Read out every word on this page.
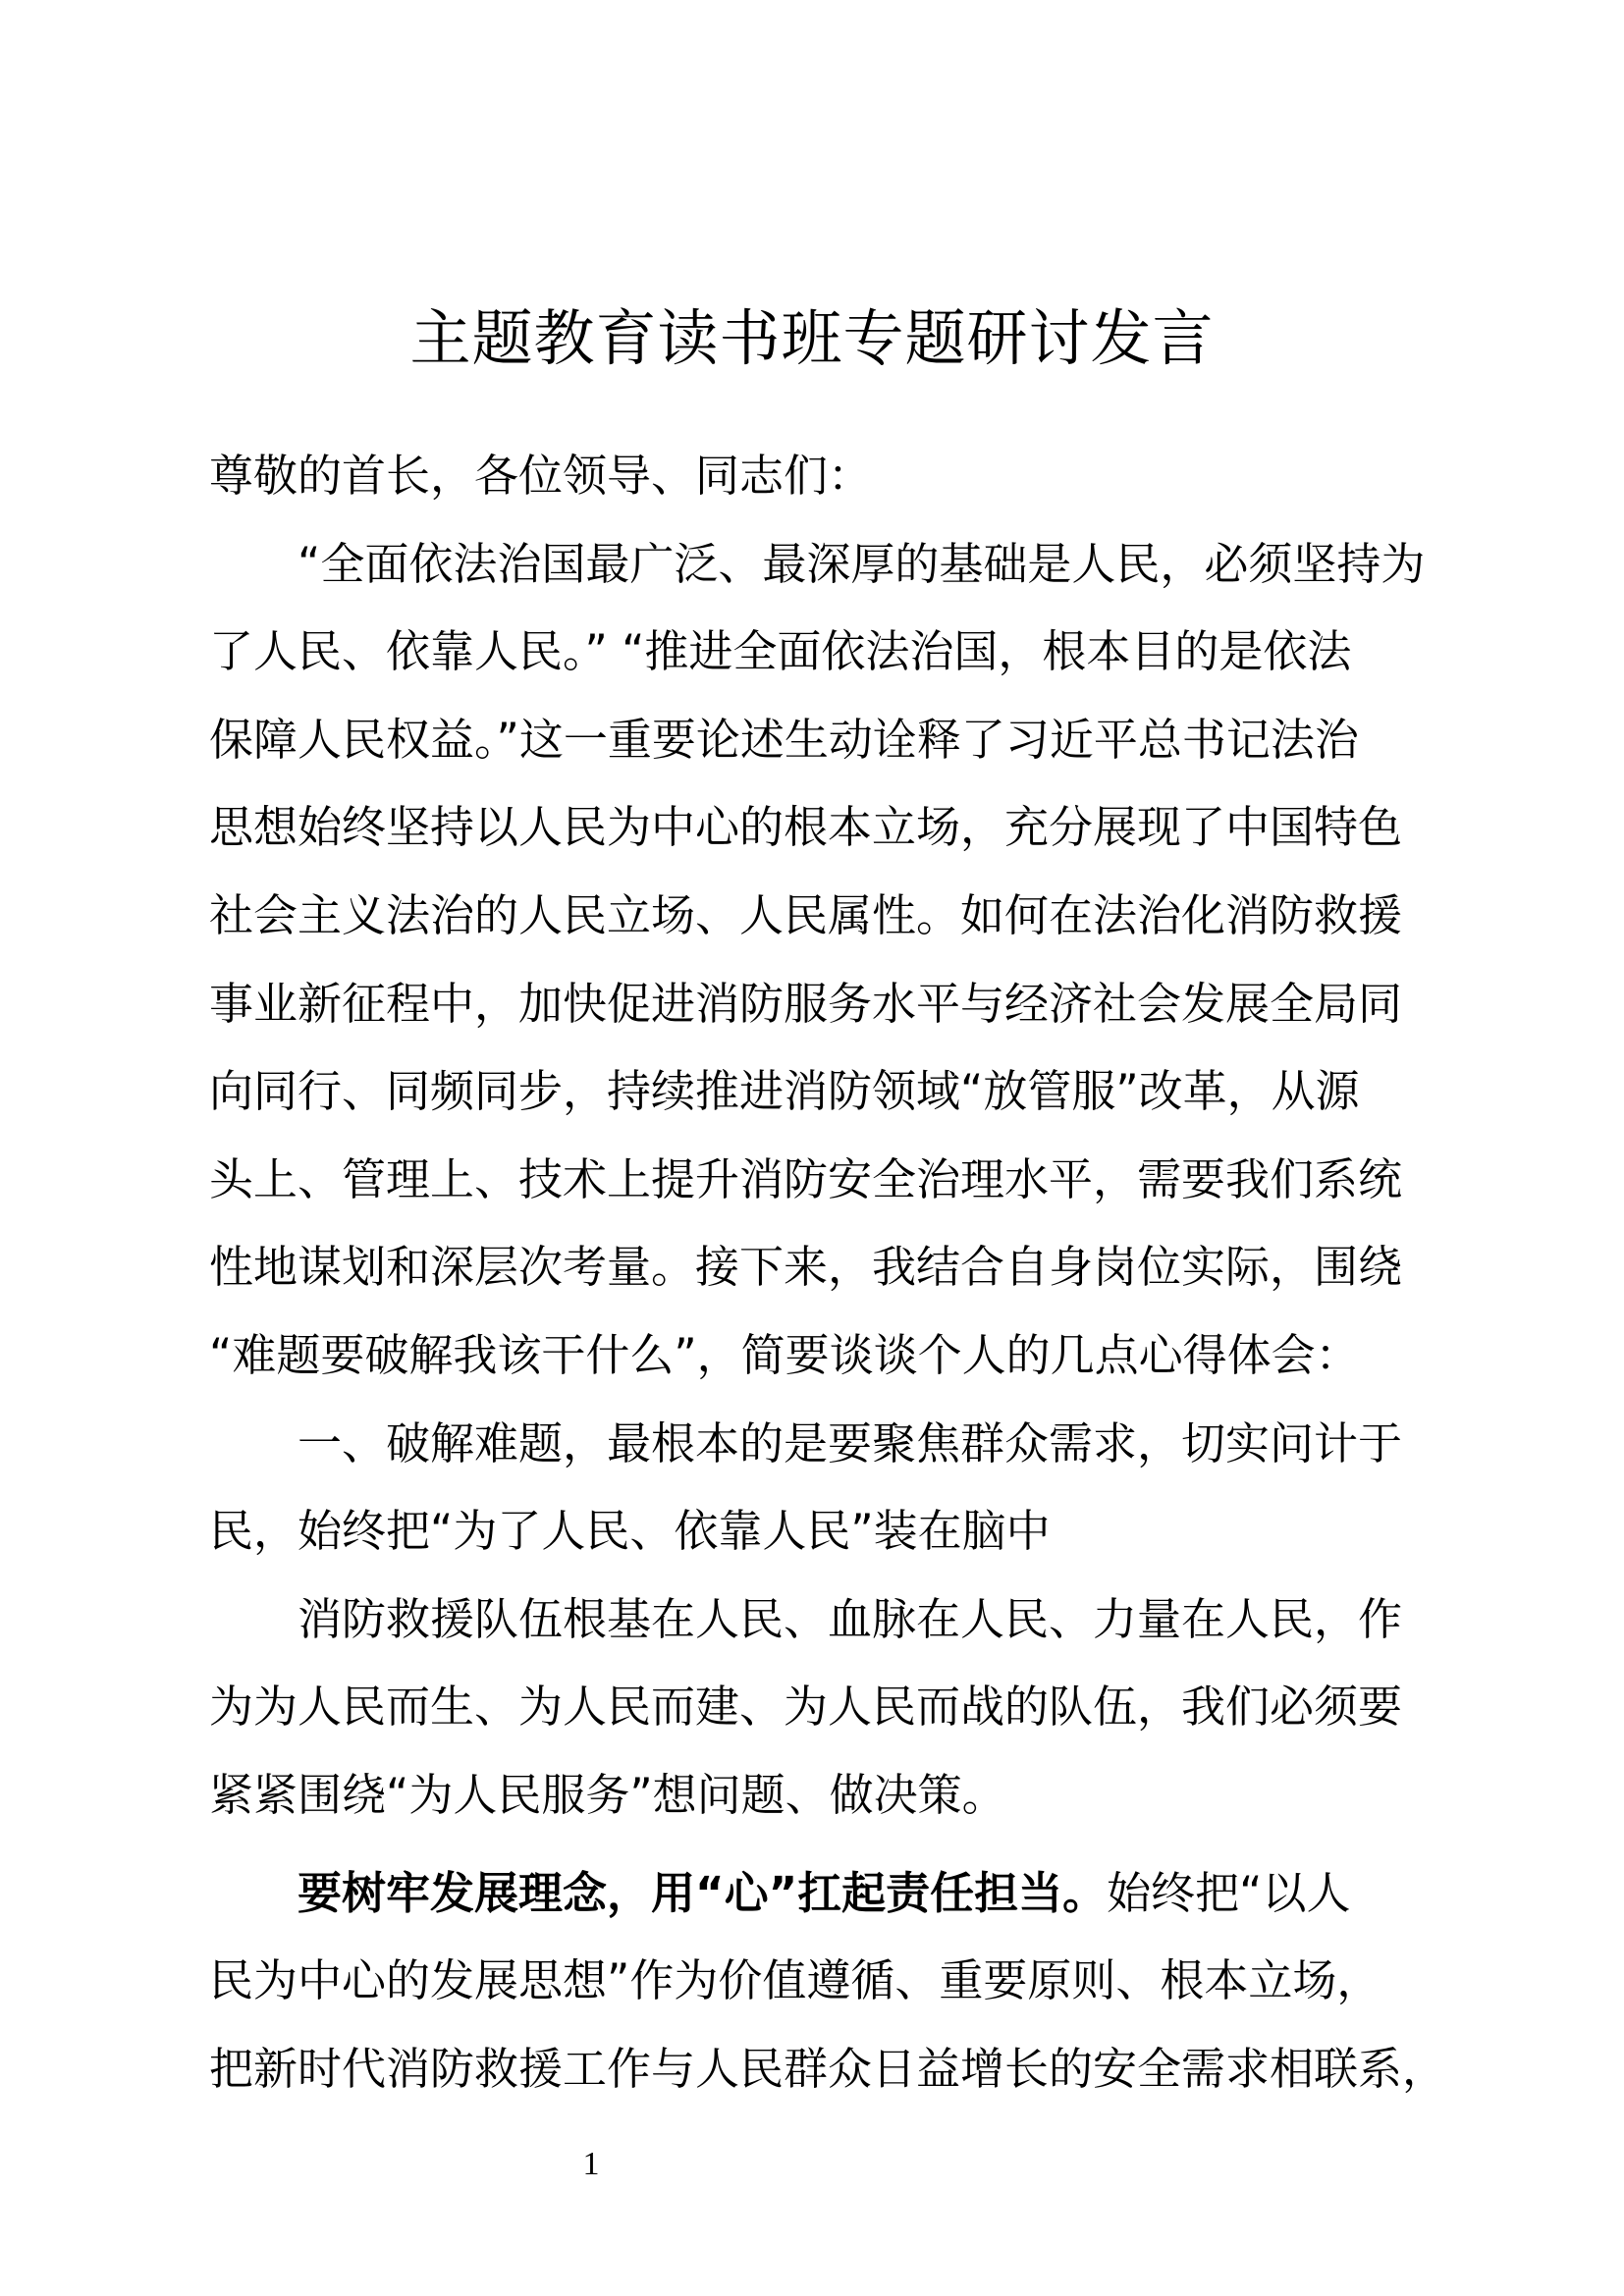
主题教育读书班专题研讨发言

尊敬的首长，各位领导、同志们：

“全面依法治国最广泛、最深厚的基础是人民，必须坚持为
了人民、依靠人民。” “推进全面依法治国，根本目的是依法
保障人民权益。”这一重要论述生动诠释了习近平总书记法治
思想始终坚持以人民为中心的根本立场，充分展现了中国特色
社会主义法治的人民立场、人民属性。如何在法治化消防救援
事业新征程中，加快促进消防服务水平与经济社会发展全局同
向同行、同频同步，持续推进消防领域“放管服”改革，从源
头上、管理上、技术上提升消防安全治理水平，需要我们系统
性地谋划和深层次考量。接下来，我结合自身岗位实际，围绕
“难题要破解我该干什么”，简要谈谈个人的几点心得体会：

一、破解难题，最根本的是要聚焦群众需求，切实问计于
民，始终把“为了人民、依靠人民”装在脑中

消防救援队伍根基在人民、血脉在人民、力量在人民，作
为为人民而生、为人民而建、为人民而战的队伍，我们必须要
紧紧围绕“为人民服务”想问题、做决策。

要树牢发展理念，用“心”扛起责任担当。始终把“以人
民为中心的发展思想”作为价值遵循、重要原则、根本立场，
把新时代消防救援工作与人民群众日益增长的安全需求相联系，

1
